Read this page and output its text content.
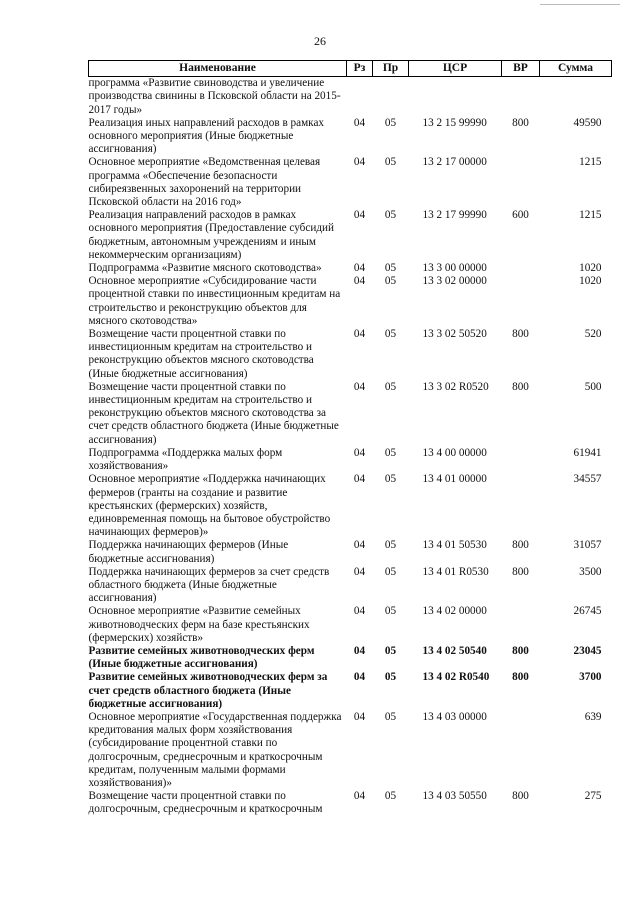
26
Наименование	Рз	Пр	ЦСР	ВР	Сумма
программа «Развитие свиноводства и увеличение производства свинины в Псковской области на 2015-2017 годы»					
Реализация иных направлений расходов в рамках основного мероприятия (Иные бюджетные ассигнования)	04	05	13 2 15 99990	800	49590
Основное мероприятие «Ведомственная целевая программа «Обеспечение безопасности сибиреязвенных захоронений на территории Псковской области на 2016 год»	04	05	13 2 17 00000		1215
Реализация направлений расходов в рамках основного мероприятия (Предоставление субсидий бюджетным, автономным учреждениям и иным некоммерческим организациям)	04	05	13 2 17 99990	600	1215
Подпрограмма «Развитие мясного скотоводства»	04	05	13 3 00 00000		1020
Основное мероприятие «Субсидирование части процентной ставки по инвестиционным кредитам на строительство и реконструкцию объектов для мясного скотоводства»	04	05	13 3 02 00000		1020
Возмещение части процентной ставки по инвестиционным кредитам на строительство и реконструкцию объектов мясного скотоводства (Иные бюджетные ассигнования)	04	05	13 3 02 50520	800	520
Возмещение части процентной ставки по инвестиционным кредитам на строительство и реконструкцию объектов мясного скотоводства за счет средств областного бюджета (Иные бюджетные ассигнования)	04	05	13 3 02 R0520	800	500
Подпрограмма «Поддержка малых форм хозяйствования»	04	05	13 4 00 00000		61941
Основное мероприятие «Поддержка начинающих фермеров (гранты на создание и развитие крестьянских (фермерских) хозяйств, единовременная помощь на бытовое обустройство начинающих фермеров)»	04	05	13 4 01 00000		34557
Поддержка начинающих фермеров (Иные бюджетные ассигнования)	04	05	13 4 01 50530	800	31057
Поддержка начинающих фермеров за счет средств областного бюджета (Иные бюджетные ассигнования)	04	05	13 4 01 R0530	800	3500
Основное мероприятие «Развитие семейных животноводческих ферм на базе крестьянских (фермерских) хозяйств»	04	05	13 4 02 00000		26745
Развитие семейных животноводческих ферм (Иные бюджетные ассигнования)	04	05	13 4 02 50540	800	23045
Развитие семейных животноводческих ферм за счет средств областного бюджета (Иные бюджетные ассигнования)	04	05	13 4 02 R0540	800	3700
Основное мероприятие «Государственная поддержка кредитования малых форм хозяйствования (субсидирование процентной ставки по долгосрочным, среднесрочным и краткосрочным кредитам, полученным малыми формами хозяйствования)»	04	05	13 4 03 00000		639
Возмещение части процентной ставки по долгосрочным, среднесрочным и краткосрочным	04	05	13 4 03 50550	800	275
